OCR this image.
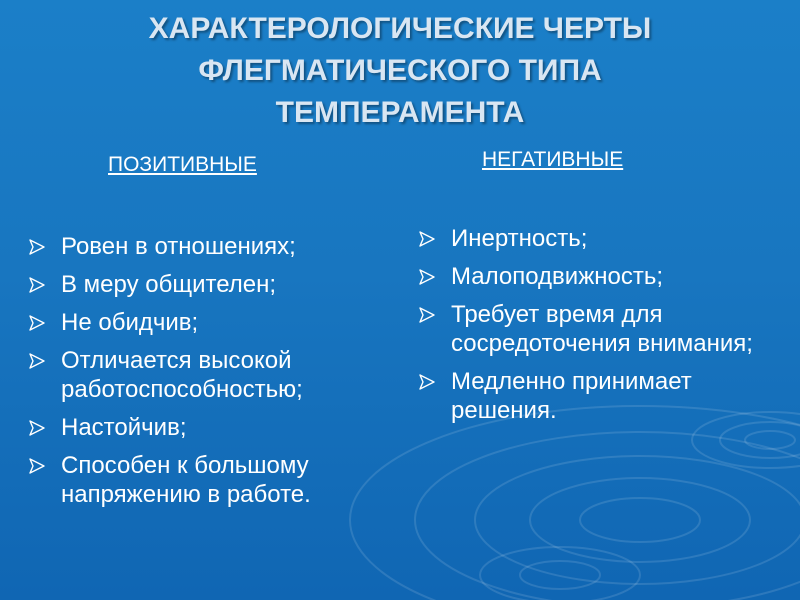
ХАРАКТЕРОЛОГИЧЕСКИЕ ЧЕРТЫ
ФЛЕГМАТИЧЕСКОГО ТИПА
ТЕМПЕРАМЕНТА
ПОЗИТИВНЫЕ	НЕГАТИВНЫЕ
Ровен в отношениях;
В меру общителен;
Не обидчив;
Отличается высокой работоспособностью;
Настойчив;
Способен к большому напряжению в работе.
Инертность;
Малоподвижность;
Требует время для сосредоточения внимания;
Медленно принимает решения.
